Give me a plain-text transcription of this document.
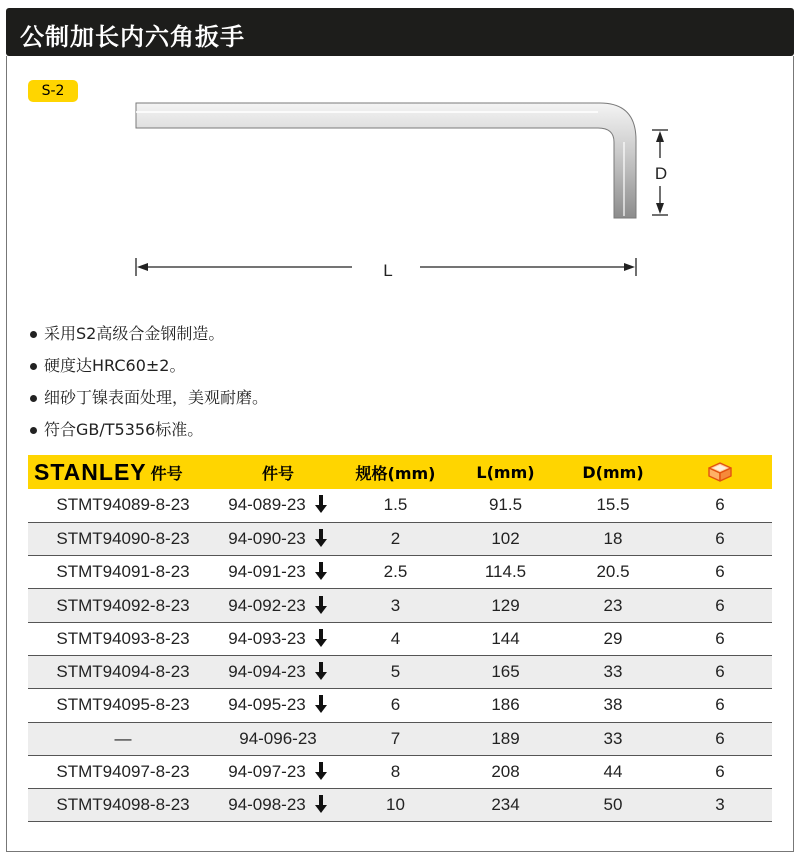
公制加长内六角扳手
S-2
D
L
采用S2高级合金钢制造。
硬度达HRC60±2。
细砂丁镍表面处理，美观耐磨。
符合GB/T5356标准。
STANLEY 件号	件号	规格(mm)	L(mm)	D(mm)	
STMT94089-8-23	94-089-23	1.5	91.5	15.5	6
STMT94090-8-23	94-090-23	2	102	18	6
STMT94091-8-23	94-091-23	2.5	114.5	20.5	6
STMT94092-8-23	94-092-23	3	129	23	6
STMT94093-8-23	94-093-23	4	144	29	6
STMT94094-8-23	94-094-23	5	165	33	6
STMT94095-8-23	94-095-23	6	186	38	6
—	94-096-23	7	189	33	6
STMT94097-8-23	94-097-23	8	208	44	6
STMT94098-8-23	94-098-23	10	234	50	3
